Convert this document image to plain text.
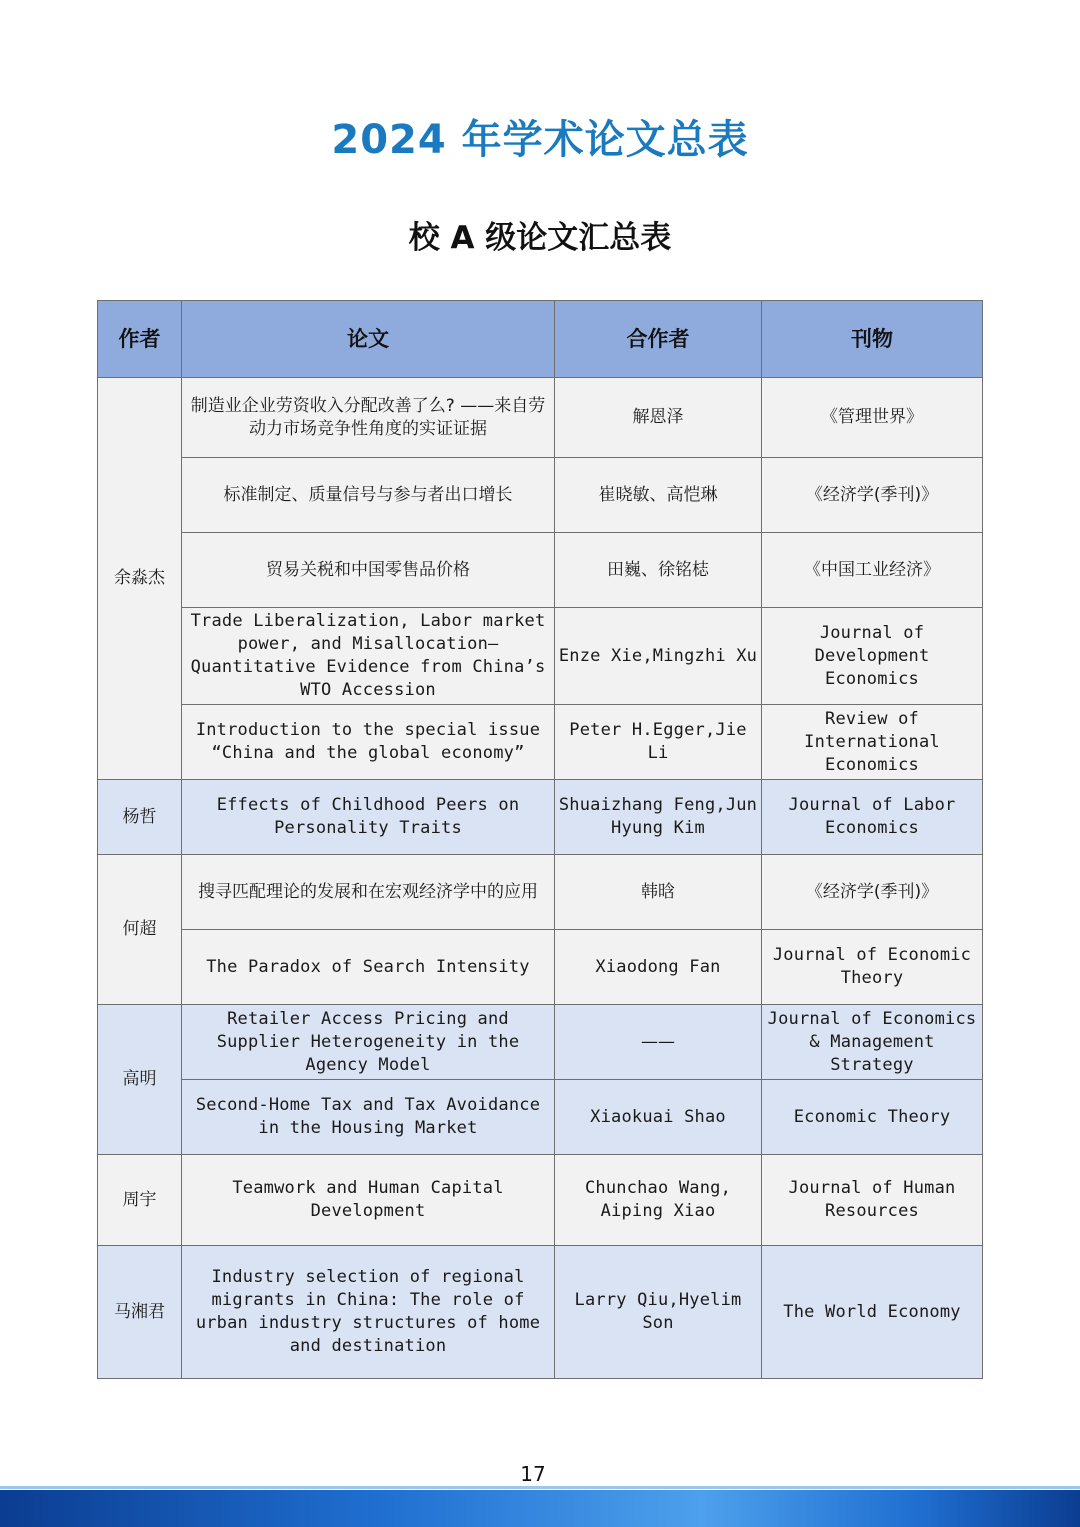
2024 年学术论文总表
校 A 级论文汇总表
作者	论文	合作者	刊物
余淼杰	制造业企业劳资收入分配改善了么? ——来自劳动力市场竞争性角度的实证证据	解恩泽	《管理世界》
	标准制定、质量信号与参与者出口增长	崔晓敏、高恺琳	《经济学(季刊)》
	贸易关税和中国零售品价格	田巍、徐铭梽	《中国工业经济》
	Trade Liberalization, Labor market power, and Misallocation— Quantitative Evidence from China’s WTO Accession	Enze Xie,Mingzhi Xu	Journal of Development Economics
	Introduction to the special issue “China and the global economy”	Peter H.Egger,Jie Li	Review of International Economics
杨哲	Effects of Childhood Peers on Personality Traits	Shuaizhang Feng,Jun Hyung Kim	Journal of Labor Economics
何超	搜寻匹配理论的发展和在宏观经济学中的应用	韩晗	《经济学(季刊)》
	The Paradox of Search Intensity	Xiaodong Fan	Journal of Economic Theory
高明	Retailer Access Pricing and Supplier Heterogeneity in the Agency Model	——	Journal of Economics & Management Strategy
	Second-Home Tax and Tax Avoidance in the Housing Market	Xiaokuai Shao	Economic Theory
周宇	Teamwork and Human Capital Development	Chunchao Wang, Aiping Xiao	Journal of Human Resources
马湘君	Industry selection of regional migrants in China: The role of urban industry structures of home and destination	Larry Qiu,Hyelim Son	The World Economy
17
